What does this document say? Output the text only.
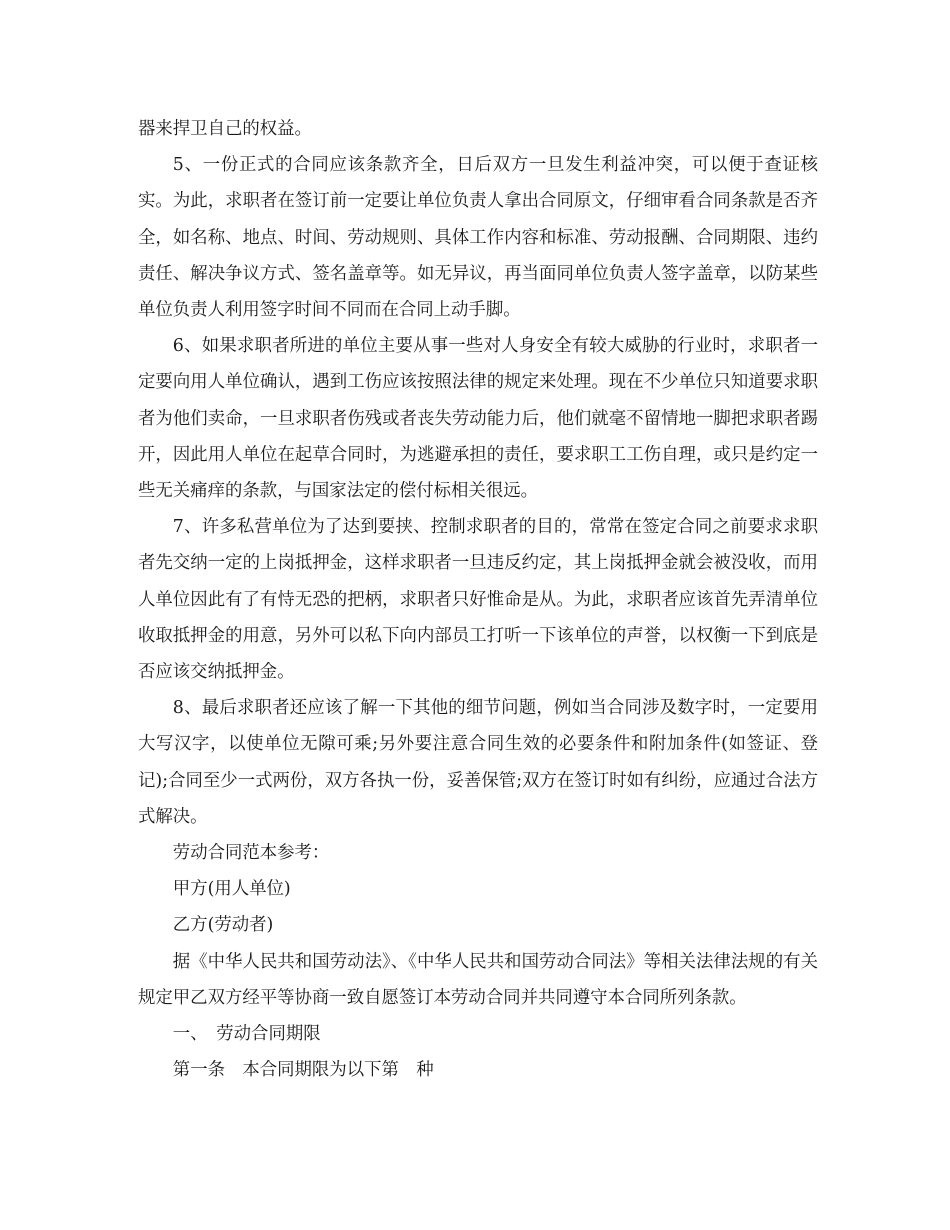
器来捍卫自己的权益。

5、一份正式的合同应该条款齐全，日后双方一旦发生利益冲突，可以便于查证核实。为此，求职者在签订前一定要让单位负责人拿出合同原文，仔细审看合同条款是否齐全，如名称、地点、时间、劳动规则、具体工作内容和标准、劳动报酬、合同期限、违约责任、解决争议方式、签名盖章等。如无异议，再当面同单位负责人签字盖章，以防某些单位负责人利用签字时间不同而在合同上动手脚。

6、如果求职者所进的单位主要从事一些对人身安全有较大威胁的行业时，求职者一定要向用人单位确认，遇到工伤应该按照法律的规定来处理。现在不少单位只知道要求职者为他们卖命，一旦求职者伤残或者丧失劳动能力后，他们就毫不留情地一脚把求职者踢开，因此用人单位在起草合同时，为逃避承担的责任，要求职工工伤自理，或只是约定一些无关痛痒的条款，与国家法定的偿付标相关很远。

7、许多私营单位为了达到要挟、控制求职者的目的，常常在签定合同之前要求求职者先交纳一定的上岗抵押金，这样求职者一旦违反约定，其上岗抵押金就会被没收，而用人单位因此有了有恃无恐的把柄，求职者只好惟命是从。为此，求职者应该首先弄清单位收取抵押金的用意，另外可以私下向内部员工打听一下该单位的声誉，以权衡一下到底是否应该交纳抵押金。

8、最后求职者还应该了解一下其他的细节问题，例如当合同涉及数字时，一定要用大写汉字，以使单位无隙可乘;另外要注意合同生效的必要条件和附加条件(如签证、登记);合同至少一式两份，双方各执一份，妥善保管;双方在签订时如有纠纷，应通过合法方式解决。

劳动合同范本参考：

甲方(用人单位)

乙方(劳动者)

据《中华人民共和国劳动法》、《中华人民共和国劳动合同法》等相关法律法规的有关规定甲乙双方经平等协商一致自愿签订本劳动合同并共同遵守本合同所列条款。

一、　劳动合同期限

第一条　本合同期限为以下第　种
